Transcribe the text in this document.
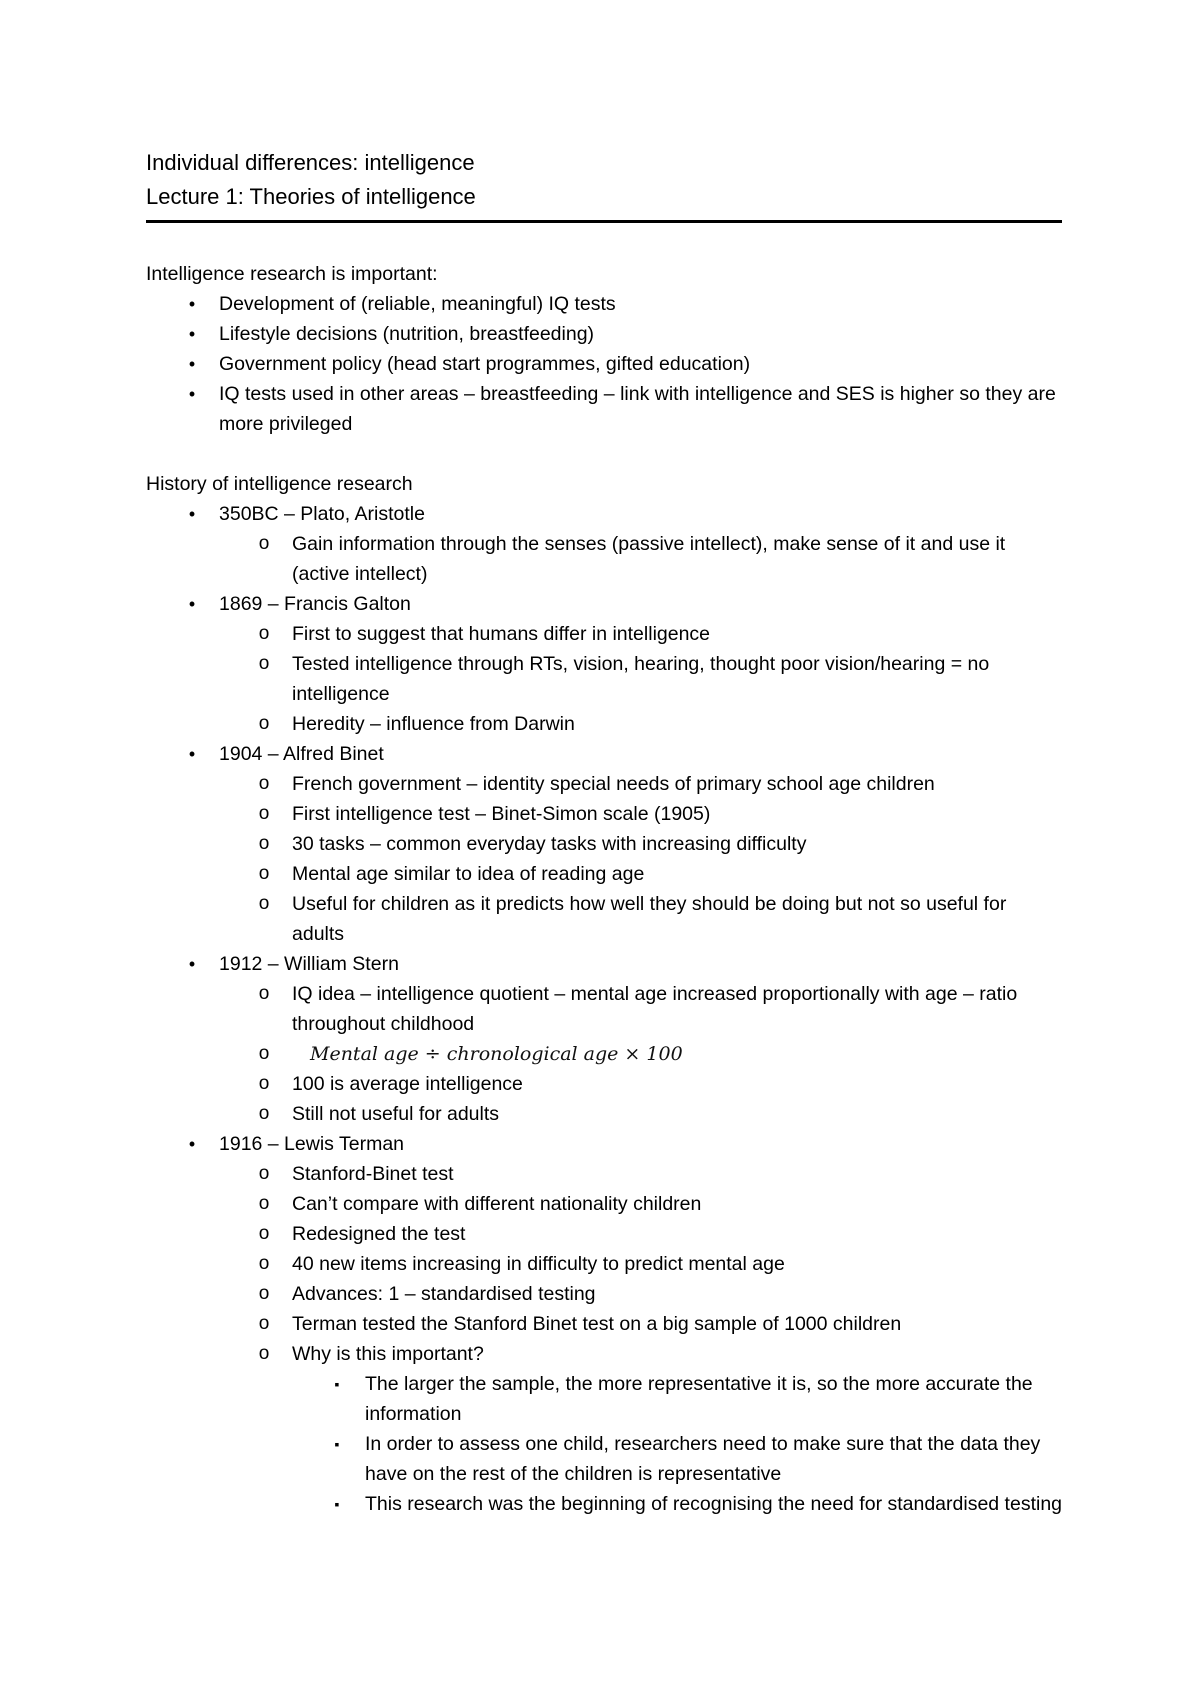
Individual differences: intelligence
Lecture 1: Theories of intelligence

Intelligence research is important:

•	Development of (reliable, meaningful) IQ tests
•	Lifestyle decisions (nutrition, breastfeeding)
•	Government policy (head start programmes, gifted education)
•	IQ tests used in other areas – breastfeeding – link with intelligence and SES is higher so they are more privileged

History of intelligence research

•	350BC – Plato, Aristotle
o Gain information through the senses (passive intellect), make sense of it and use it (active intellect)
•	1869 – Francis Galton
o First to suggest that humans differ in intelligence
o Tested intelligence through RTs, vision, hearing, thought poor vision/hearing = no intelligence
o Heredity – influence from Darwin
•	1904 – Alfred Binet
o French government – identity special needs of primary school age children
o First intelligence test – Binet-Simon scale (1905)
o 30 tasks – common everyday tasks with increasing difficulty
o Mental age similar to idea of reading age
o Useful for children as it predicts how well they should be doing but not so useful for adults
•	1912 – William Stern
o IQ idea – intelligence quotient – mental age increased proportionally with age – ratio throughout childhood
o Mental age ÷ chronological age × 100
o 100 is average intelligence
o Still not useful for adults
•	1916 – Lewis Terman
o Stanford-Binet test
o Can’t compare with different nationality children
o Redesigned the test
o 40 new items increasing in difficulty to predict mental age
o Advances: 1 – standardised testing
o Terman tested the Stanford Binet test on a big sample of 1000 children
o Why is this important?
▪	The larger the sample, the more representative it is, so the more accurate the information
▪	In order to assess one child, researchers need to make sure that the data they have on the rest of the children is representative
▪	This research was the beginning of recognising the need for standardised testing
